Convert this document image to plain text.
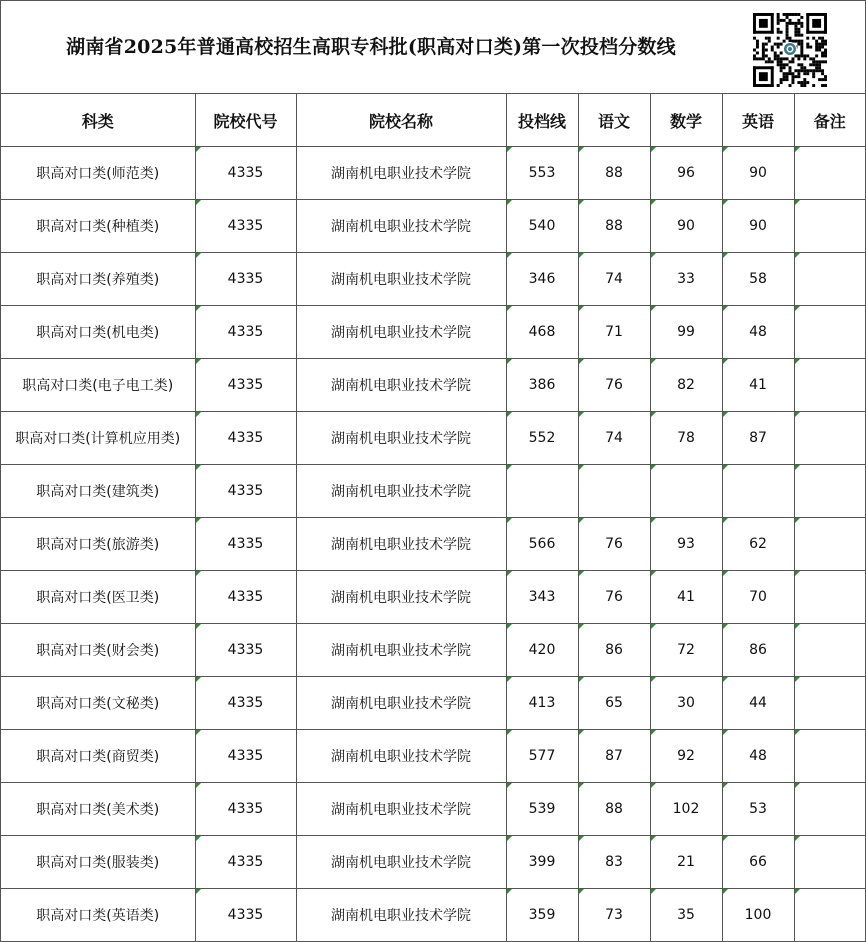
湖南省2025年普通高校招生高职专科批(职高对口类)第一次投档分数线
科类	院校代号	院校名称	投档线	语文	数学	英语	备注
职高对口类(师范类)	4335	湖南机电职业技术学院	553	88	96	90	
职高对口类(种植类)	4335	湖南机电职业技术学院	540	88	90	90	
职高对口类(养殖类)	4335	湖南机电职业技术学院	346	74	33	58	
职高对口类(机电类)	4335	湖南机电职业技术学院	468	71	99	48	
职高对口类(电子电工类)	4335	湖南机电职业技术学院	386	76	82	41	
职高对口类(计算机应用类)	4335	湖南机电职业技术学院	552	74	78	87	
职高对口类(建筑类)	4335	湖南机电职业技术学院					
职高对口类(旅游类)	4335	湖南机电职业技术学院	566	76	93	62	
职高对口类(医卫类)	4335	湖南机电职业技术学院	343	76	41	70	
职高对口类(财会类)	4335	湖南机电职业技术学院	420	86	72	86	
职高对口类(文秘类)	4335	湖南机电职业技术学院	413	65	30	44	
职高对口类(商贸类)	4335	湖南机电职业技术学院	577	87	92	48	
职高对口类(美术类)	4335	湖南机电职业技术学院	539	88	102	53	
职高对口类(服装类)	4335	湖南机电职业技术学院	399	83	21	66	
职高对口类(英语类)	4335	湖南机电职业技术学院	359	73	35	100	
